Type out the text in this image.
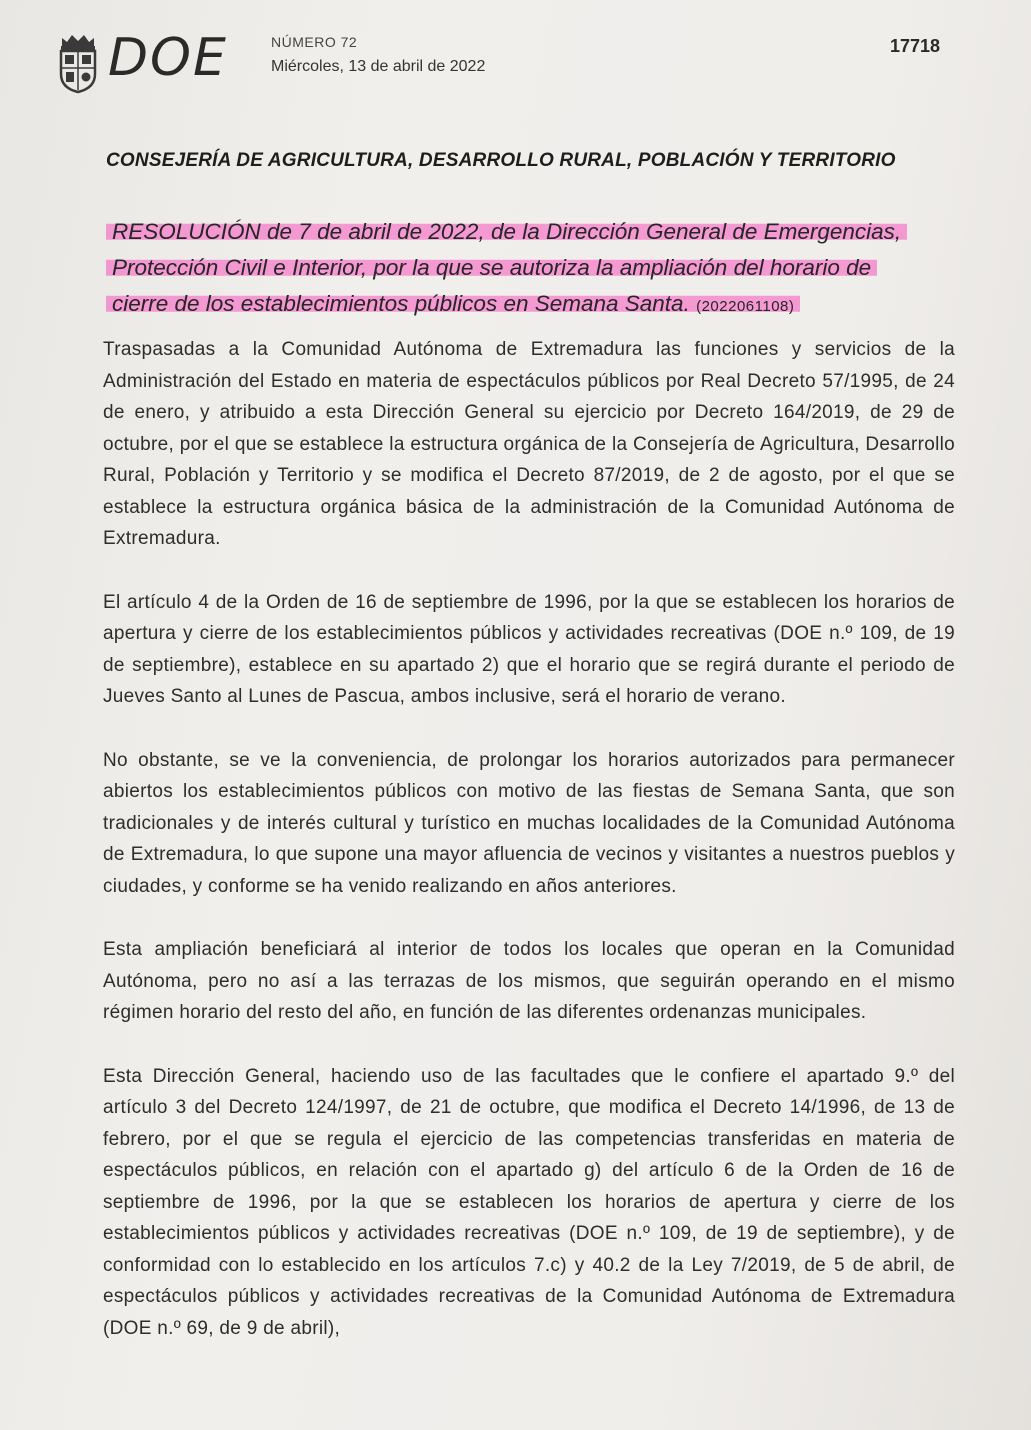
DOE	NÚMERO 72
Miércoles, 13 de abril de 2022
17718
CONSEJERÍA DE AGRICULTURA, DESARROLLO RURAL, POBLACIÓN Y TERRITORIO
RESOLUCIÓN de 7 de abril de 2022, de la Dirección General de Emergencias,
Protección Civil e Interior, por la que se autoriza la ampliación del horario de
cierre de los establecimientos públicos en Semana Santa. (2022061108)

Traspasadas a la Comunidad Autónoma de Extremadura las funciones y servicios de la Administración del Estado en materia de espectáculos públicos por Real Decreto 57/1995, de 24 de enero, y atribuido a esta Dirección General su ejercicio por Decreto 164/2019, de 29 de octubre, por el que se establece la estructura orgánica de la Consejería de Agricultura, Desarrollo Rural, Población y Territorio y se modifica el Decreto 87/2019, de 2 de agosto, por el que se establece la estructura orgánica básica de la administración de la Comunidad Autónoma de Extremadura.

El artículo 4 de la Orden de 16 de septiembre de 1996, por la que se establecen los horarios de apertura y cierre de los establecimientos públicos y actividades recreativas (DOE n.º 109, de 19 de septiembre), establece en su apartado 2) que el horario que se regirá durante el periodo de Jueves Santo al Lunes de Pascua, ambos inclusive, será el horario de verano.

No obstante, se ve la conveniencia, de prolongar los horarios autorizados para permanecer abiertos los establecimientos públicos con motivo de las fiestas de Semana Santa, que son tradicionales y de interés cultural y turístico en muchas localidades de la Comunidad Autónoma de Extremadura, lo que supone una mayor afluencia de vecinos y visitantes a nuestros pueblos y ciudades, y conforme se ha venido realizando en años anteriores.

Esta ampliación beneficiará al interior de todos los locales que operan en la Comunidad Autónoma, pero no así a las terrazas de los mismos, que seguirán operando en el mismo régimen horario del resto del año, en función de las diferentes ordenanzas municipales.

Esta Dirección General, haciendo uso de las facultades que le confiere el apartado 9.º del artículo 3 del Decreto 124/1997, de 21 de octubre, que modifica el Decreto 14/1996, de 13 de febrero, por el que se regula el ejercicio de las competencias transferidas en materia de espectáculos públicos, en relación con el apartado g) del artículo 6 de la Orden de 16 de septiembre de 1996, por la que se establecen los horarios de apertura y cierre de los establecimientos públicos y actividades recreativas (DOE n.º 109, de 19 de septiembre), y de conformidad con lo establecido en los artículos 7.c) y 40.2 de la Ley 7/2019, de 5 de abril, de espectáculos públicos y actividades recreativas de la Comunidad Autónoma de Extremadura (DOE n.º 69, de 9 de abril),
